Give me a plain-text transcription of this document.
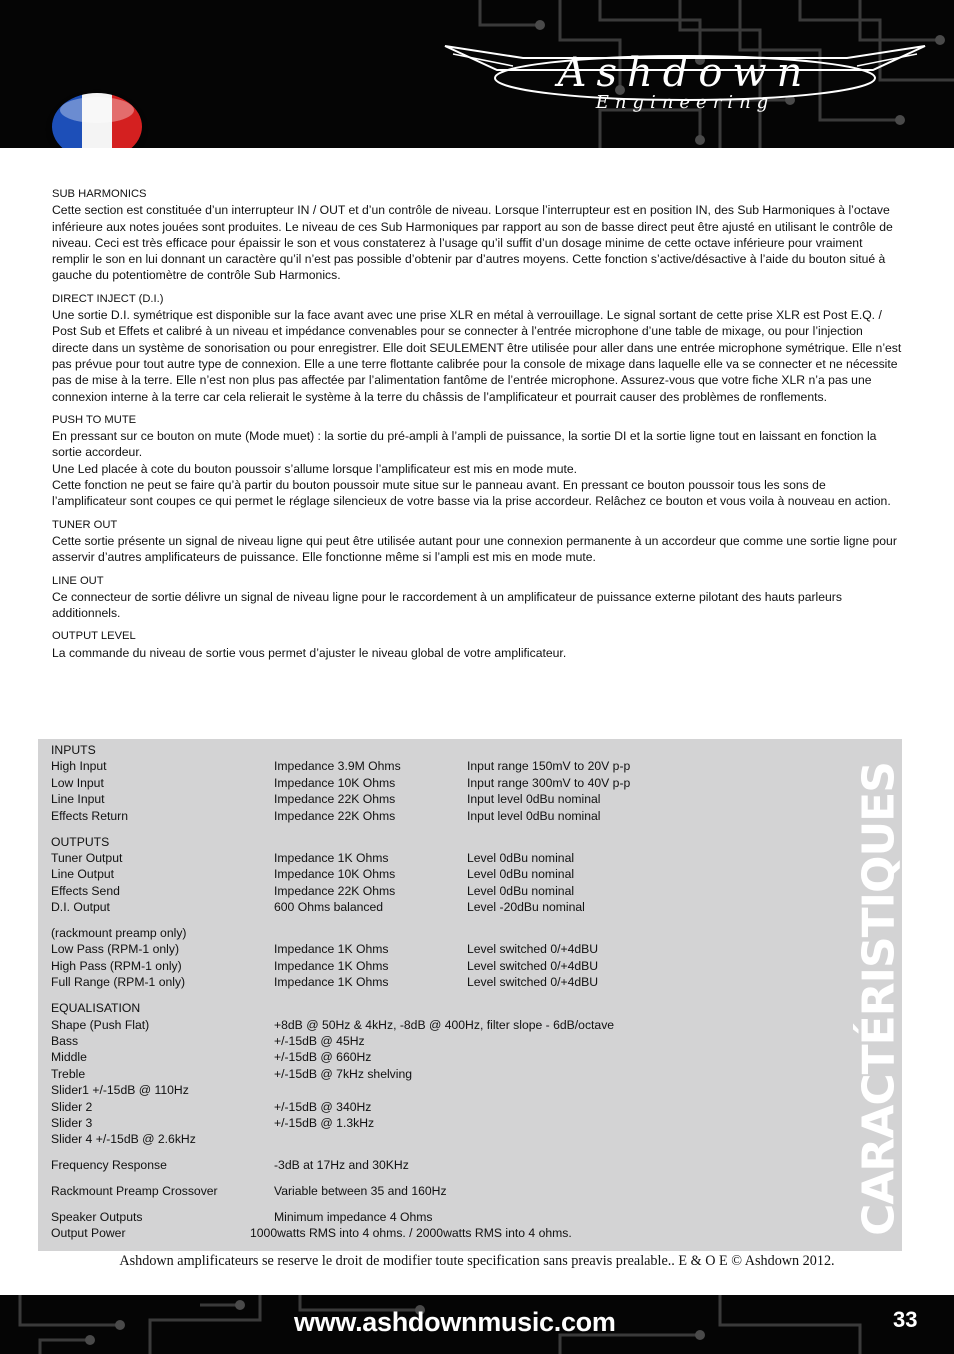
Ashdown
Engineering
SUB HARMONICS

Cette section est constituée d’un interrupteur IN / OUT et d’un contrôle de niveau. Lorsque l’interrupteur est en position IN, des Sub Harmoniques à l’octave inférieure aux notes jouées sont produites. Le niveau de ces Sub Harmoniques par rapport au son de basse direct peut être ajusté en utilisant le contrôle de niveau. Ceci est très efficace pour épaissir le son et vous constaterez à l’usage qu’il suffit d’un dosage minime de cette octave inférieure pour vraiment remplir le son en lui donnant un caractère qu’il n’est pas possible d’obtenir par d’autres moyens. Cette fonction s’active/désactive à l’aide du bouton situé à gauche du potentiomètre de contrôle Sub Harmonics.

DIRECT INJECT (D.I.)

Une sortie D.I. symétrique est disponible sur la face avant avec une prise XLR en métal à verrouillage. Le signal sortant de cette prise XLR est Post E.Q. / Post Sub et Effets et calibré à un niveau et impédance convenables pour se connecter à l’entrée microphone d’une table de mixage, ou pour l’injection directe dans un système de sonorisation ou pour enregistrer. Elle doit SEULEMENT être utilisée pour aller dans une entrée microphone symétrique. Elle n’est pas prévue pour tout autre type de connexion. Elle a une terre flottante calibrée pour la console de mixage dans laquelle elle va se connecter et ne nécessite pas de mise à la terre. Elle n’est non plus pas affectée par l’alimentation fantôme de l’entrée microphone. Assurez-vous que votre fiche XLR n’a pas une connexion interne à la terre car cela relierait le système à la terre du châssis de l’amplificateur et pourrait causer des problèmes de ronflements.

PUSH TO MUTE

En pressant sur ce bouton on mute (Mode muet) : la sortie du pré-ampli à l’ampli de puissance, la sortie DI et la sortie ligne tout en laissant en fonction la sortie accordeur.

Une Led placée à cote du bouton poussoir s’allume lorsque l’amplificateur est mis en mode mute.

Cette fonction ne peut se faire qu’à partir du bouton poussoir mute situe sur le panneau avant. En pressant ce bouton poussoir tous les sons de l’amplificateur sont coupes ce qui permet le réglage silencieux de votre basse via la prise accordeur. Relâchez ce bouton et vous voila à nouveau en action.

TUNER OUT

Cette sortie présente un signal de niveau ligne qui peut être utilisée autant pour une connexion permanente à un accordeur que comme une sortie ligne pour asservir d’autres amplificateurs de puissance. Elle fonctionne même si l’ampli est mis en mode mute.

LINE OUT

Ce connecteur de sortie délivre un signal de niveau ligne pour le raccordement à un amplificateur de puissance externe pilotant des hauts parleurs additionnels.

OUTPUT LEVEL

La commande du niveau de sortie vous permet d’ajuster le niveau global de votre amplificateur.

INPUTS
High Input	Impedance 3.9M Ohms	Input range 150mV to 20V p-p
Low Input	Impedance 10K Ohms	Input range 300mV to 40V p-p
Line Input	Impedance 22K Ohms	Input level 0dBu nominal
Effects Return	Impedance 22K Ohms	Input level 0dBu nominal
OUTPUTS
Tuner Output	Impedance 1K Ohms	Level 0dBu nominal
Line Output	Impedance 10K Ohms	Level 0dBu nominal
Effects Send	Impedance 22K Ohms	Level 0dBu nominal
D.I. Output	600 Ohms balanced	Level -20dBu nominal
(rackmount preamp only)
Low Pass (RPM-1 only)	Impedance 1K Ohms	Level switched 0/+4dBU
High Pass (RPM-1 only)	Impedance 1K Ohms	Level switched 0/+4dBU
Full Range (RPM-1 only)	Impedance 1K Ohms	Level switched 0/+4dBU
EQUALISATION
Shape (Push Flat)	+8dB @ 50Hz & 4kHz, -8dB @ 400Hz, filter slope - 6dB/octave
Bass	+/-15dB @ 45Hz
Middle	+/-15dB @ 660Hz
Treble	+/-15dB @ 7kHz shelving
Slider1 +/-15dB @ 110Hz
Slider 2	+/-15dB @ 340Hz
Slider 3	+/-15dB @ 1.3kHz
Slider 4 +/-15dB @ 2.6kHz
Frequency Response	-3dB at 17Hz and 30KHz
Rackmount Preamp Crossover	Variable between 35 and 160Hz
Speaker Outputs	Minimum impedance 4 Ohms
Output Power	1000watts RMS into 4 ohms. / 2000watts RMS into 4 ohms.	CARACTÉRISTIQUES
Ashdown amplificateurs se reserve le droit de modifier toute specification sans preavis prealable.. E & O E © Ashdown 2012.
www.ashdownmusic.com	33
